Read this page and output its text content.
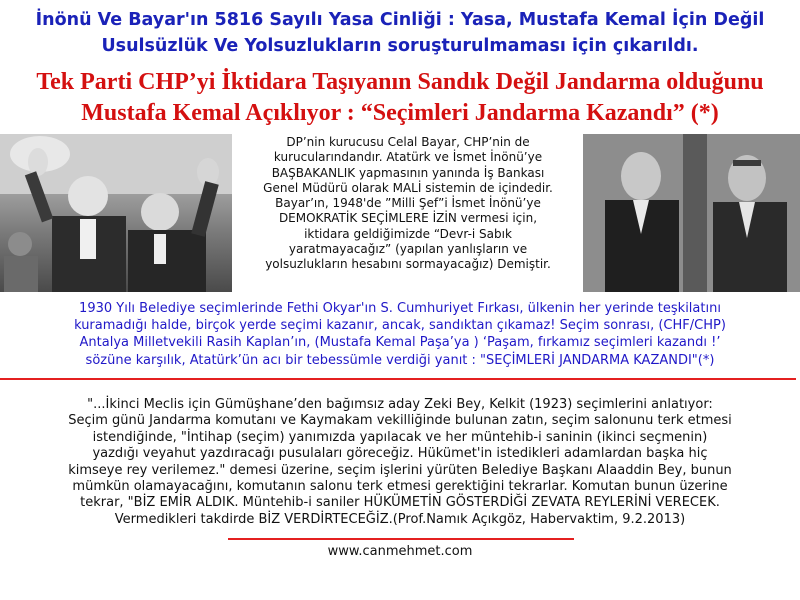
İnönü Ve Bayar'ın 5816 Sayılı Yasa Cinliği : Yasa, Mustafa Kemal İçin Değil
Usulsüzlük Ve Yolsuzlukların soruşturulmaması için çıkarıldı.
Tek Parti CHP’yi İktidara Taşıyanın Sandık Değil Jandarma olduğunu
Mustafa Kemal Açıklıyor : “Seçimleri Jandarma Kazandı” (*)
DP’nin kurucusu Celal Bayar, CHP’nin de
kurucularındandır. Atatürk ve İsmet İnönü’ye
BAŞBAKANLIK yapmasının yanında İş Bankası
Genel Müdürü olarak MALİ sistemin de içindedir.
Bayar’ın, 1948'de ”Milli Şef”i İsmet İnönü’ye
DEMOKRATİK SEÇİMLERE İZİN vermesi için,
iktidara geldiğimizde “Devr-i Sabık
yaratmayacağız” (yapılan yanlışların ve
yolsuzlukların hesabını sormayacağız) Demiştir.
1930 Yılı Belediye seçimlerinde Fethi Okyar'ın S. Cumhuriyet Fırkası, ülkenin her yerinde teşkilatını
kuramadığı halde, birçok yerde seçimi kazanır, ancak, sandıktan çıkamaz! Seçim sonrası, (CHF/CHP)
Antalya Milletvekili Rasih Kaplan’ın, (Mustafa Kemal Paşa’ya ) ‘Paşam, fırkamız seçimleri kazandı !’
sözüne karşılık, Atatürk’ün acı bir tebessümle verdiği yanıt : "SEÇİMLERİ JANDARMA KAZANDI"(*)
"...İkinci Meclis için Gümüşhane’den bağımsız aday Zeki Bey, Kelkit (1923) seçimlerini anlatıyor:
Seçim günü Jandarma komutanı ve Kaymakam vekilliğinde bulunan zatın, seçim salonunu terk etmesi
istendiğinde, "İntihap (seçim) yanımızda yapılacak ve her müntehib-i saninin (ikinci seçmenin)
yazdığı veyahut yazdıracağı pusulaları göreceğiz. Hükümet'in istedikleri adamlardan başka hiç
kimseye rey verilemez." demesi üzerine, seçim işlerini yürüten Belediye Başkanı Alaaddin Bey, bunun
mümkün olamayacağını, komutanın salonu terk etmesi gerektiğini tekrarlar. Komutan bunun üzerine
tekrar, "BİZ EMİR ALDIK. Müntehib-i saniler HÜKÜMETİN GÖSTERDİĞİ ZEVATA REYLERİNİ VERECEK.
Vermedikleri takdirde BİZ VERDİRTECEĞİZ.(Prof.Namık Açıkgöz, Habervaktim, 9.2.2013)
www.canmehmet.com
